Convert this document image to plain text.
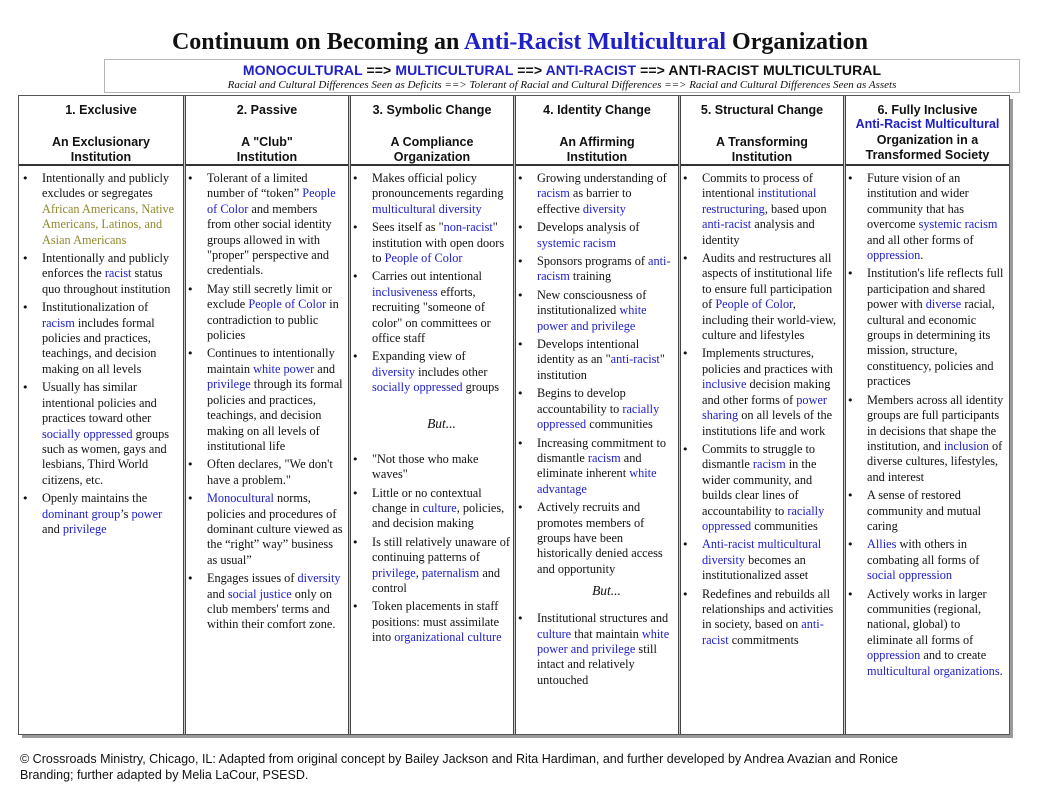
Continuum on Becoming an Anti-Racist Multicultural Organization
MONOCULTURAL ==> MULTICULTURAL ==> ANTI-RACIST ==> ANTI-RACIST MULTICULTURAL
Racial and Cultural Differences Seen as Deficits ==> Tolerant of Racial and Cultural Differences ==> Racial and Cultural Differences Seen as Assets
1. Exclusive
An Exclusionary
Institution
2. Passive
A "Club"
Institution
3. Symbolic Change
A Compliance
Organization
4. Identity Change
An Affirming
Institution
5. Structural Change
A Transforming
Institution
6. Fully Inclusive
Anti-Racist Multicultural
Organization in a
Transformed Society
• Intentionally and publicly excludes or segregates African Americans, Native Americans, Latinos, and Asian Americans
• Intentionally and publicly enforces the racist status quo throughout institution
• Institutionalization of racism includes formal policies and practices, teachings, and decision making on all levels
• Usually has similar intentional policies and practices toward other socially oppressed groups such as women, gays and lesbians, Third World citizens, etc.
• Openly maintains the dominant group’s power and privilege
• Tolerant of a limited number of “token” People of Color and members from other social identity groups allowed in with "proper" perspective and credentials.
• May still secretly limit or exclude People of Color in contradiction to public policies
• Continues to intentionally maintain white power and privilege through its formal policies and practices, teachings, and decision making on all levels of institutional life
• Often declares, "We don't have a problem."
• Monocultural norms, policies and procedures of dominant culture viewed as the “right” way” business as usual”
• Engages issues of diversity and social justice only on club members' terms and within their comfort zone.
• Makes official policy pronouncements regarding multicultural diversity
• Sees itself as "non-racist" institution with open doors to People of Color
• Carries out intentional inclusiveness efforts, recruiting "someone of color" on committees or office staff
• Expanding view of diversity includes other socially oppressed groups

But...

• "Not those who make waves"
• Little or no contextual change in culture, policies, and decision making
• Is still relatively unaware of continuing patterns of privilege, paternalism and control
• Token placements in staff positions: must assimilate into organizational culture
• Growing understanding of racism as barrier to effective diversity
• Develops analysis of systemic racism
• Sponsors programs of anti-racism training
• New consciousness of institutionalized white power and privilege
• Develops intentional identity as an "anti-racist" institution
• Begins to develop accountability to racially oppressed communities
• Increasing commitment to dismantle racism and eliminate inherent white advantage
• Actively recruits and promotes members of groups have been historically denied access and opportunity

But...

• Institutional structures and culture that maintain white power and privilege still intact and relatively untouched
• Commits to process of intentional institutional restructuring, based upon anti-racist analysis and identity
• Audits and restructures all aspects of institutional life to ensure full participation of People of Color, including their world-view, culture and lifestyles
• Implements structures, policies and practices with inclusive decision making and other forms of power sharing on all levels of the institutions life and work
• Commits to struggle to dismantle racism in the wider community, and builds clear lines of accountability to racially oppressed communities
• Anti-racist multicultural diversity becomes an institutionalized asset
• Redefines and rebuilds all relationships and activities in society, based on anti-racist commitments
• Future vision of an institution and wider community that has overcome systemic racism and all other forms of oppression.
• Institution's life reflects full participation and shared power with diverse racial, cultural and economic groups in determining its mission, structure, constituency, policies and practices
• Members across all identity groups are full participants in decisions that shape the institution, and inclusion of diverse cultures, lifestyles, and interest
• A sense of restored community and mutual caring
• Allies with others in combating all forms of social oppression
• Actively works in larger communities (regional, national, global) to eliminate all forms of oppression and to create multicultural organizations.
© Crossroads Ministry, Chicago, IL: Adapted from original concept by Bailey Jackson and Rita Hardiman, and further developed by Andrea Avazian and Ronice
Branding; further adapted by Melia LaCour, PSESD.
